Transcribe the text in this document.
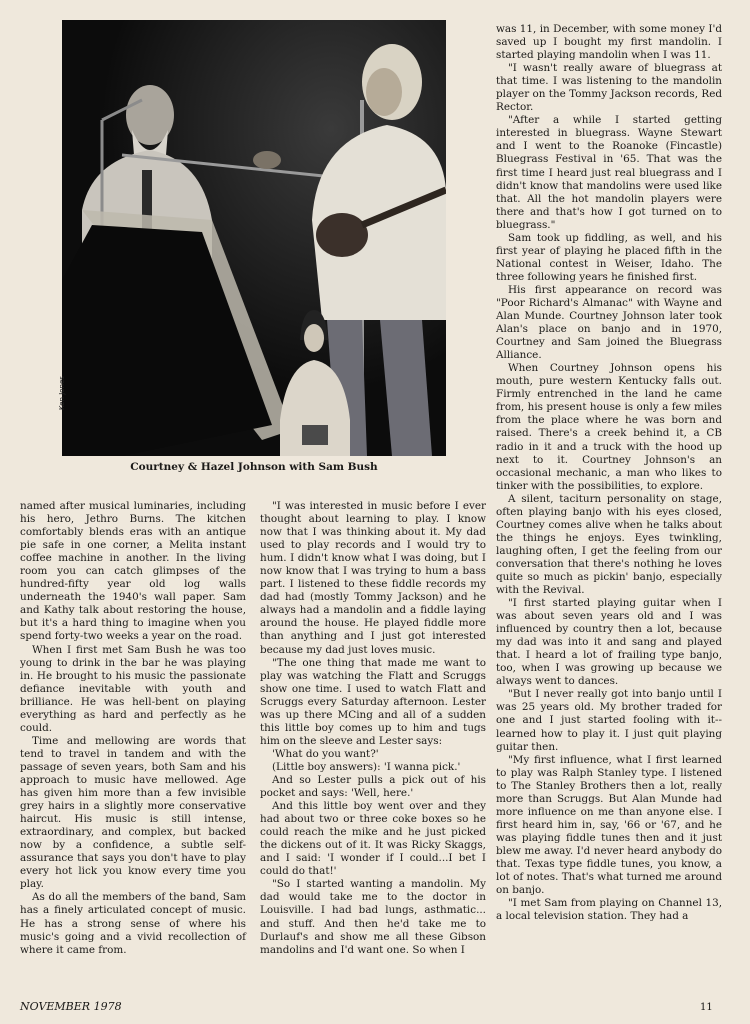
Ken Jones
Courtney & Hazel Johnson with Sam Bush

named after musical luminaries, including his hero, Jethro Burns. The kitchen comfortably blends eras with an antique pie safe in one corner, a Melita instant coffee machine in another. In the living room you can catch glimpses of the hundred-fifty year old log walls underneath the 1940's wall paper. Sam and Kathy talk about restoring the house, but it's a hard thing to imagine when you spend forty-two weeks a year on the road.

When I first met Sam Bush he was too young to drink in the bar he was playing in. He brought to his music the passionate defiance inevitable with youth and brilliance. He was hell-bent on playing everything as hard and perfectly as he could.

Time and mellowing are words that tend to travel in tandem and with the passage of seven years, both Sam and his approach to music have mellowed. Age has given him more than a few invisible grey hairs in a slightly more conservative haircut. His music is still intense, extraordinary, and complex, but backed now by a confidence, a subtle self-assurance that says you don't have to play every hot lick you know every time you play.

As do all the members of the band, Sam has a finely articulated concept of music. He has a strong sense of where his music's going and a vivid recollection of where it came from.

"I was interested in music before I ever thought about learning to play. I know now that I was thinking about it. My dad used to play records and I would try to hum. I didn't know what I was doing, but I now know that I was trying to hum a bass part. I listened to these fiddle records my dad had (mostly Tommy Jackson) and he always had a mandolin and a fiddle laying around the house. He played fiddle more than anything and I just got interested because my dad just loves music.

"The one thing that made me want to play was watching the Flatt and Scruggs show one time. I used to watch Flatt and Scruggs every Saturday afternoon. Lester was up there MCing and all of a sudden this little boy comes up to him and tugs him on the sleeve and Lester says:

'What do you want?'

(Little boy answers): 'I wanna pick.'

And so Lester pulls a pick out of his pocket and says: 'Well, here.'

And this little boy went over and they had about two or three coke boxes so he could reach the mike and he just picked the dickens out of it. It was Ricky Skaggs, and I said: 'I wonder if I could...I bet I could do that!'

"So I started wanting a mandolin. My dad would take me to the doctor in Louisville. I had bad lungs, asthmatic... and stuff. And then he'd take me to Durlauf's and show me all these Gibson mandolins and I'd want one. So when I

was 11, in December, with some money I'd saved up I bought my first mandolin. I started playing mandolin when I was 11.

"I wasn't really aware of bluegrass at that time. I was listening to the mandolin player on the Tommy Jackson records, Red Rector.

"After a while I started getting interested in bluegrass. Wayne Stewart and I went to the Roanoke (Fincastle) Bluegrass Festival in '65. That was the first time I heard just real bluegrass and I didn't know that mandolins were used like that. All the hot mandolin players were there and that's how I got turned on to bluegrass."

Sam took up fiddling, as well, and his first year of playing he placed fifth in the National contest in Weiser, Idaho. The three following years he finished first.

His first appearance on record was "Poor Richard's Almanac" with Wayne and Alan Munde. Courtney Johnson later took Alan's place on banjo and in 1970, Courtney and Sam joined the Bluegrass Alliance.

When Courtney Johnson opens his mouth, pure western Kentucky falls out. Firmly entrenched in the land he came from, his present house is only a few miles from the place where he was born and raised. There's a creek behind it, a CB radio in it and a truck with the hood up next to it. Courtney Johnson's an occasional mechanic, a man who likes to tinker with the possibilities, to explore.

A silent, taciturn personality on stage, often playing banjo with his eyes closed, Courtney comes alive when he talks about the things he enjoys. Eyes twinkling, laughing often, I get the feeling from our conversation that there's nothing he loves quite so much as pickin' banjo, especially with the Revival.

"I first started playing guitar when I was about seven years old and I was influenced by country then a lot, because my dad was into it and sang and played that. I heard a lot of frailing type banjo, too, when I was growing up because we always went to dances.

"But I never really got into banjo until I was 25 years old. My brother traded for one and I just started fooling with it--learned how to play it. I just quit playing guitar then.

"My first influence, what I first learned to play was Ralph Stanley type. I listened to The Stanley Brothers then a lot, really more than Scruggs. But Alan Munde had more influence on me than anyone else. I first heard him in, say, '66 or '67, and he was playing fiddle tunes then and it just blew me away. I'd never heard anybody do that. Texas type fiddle tunes, you know, a lot of notes. That's what turned me around on banjo.

"I met Sam from playing on Channel 13, a local television station. They had a

NOVEMBER 1978	11
